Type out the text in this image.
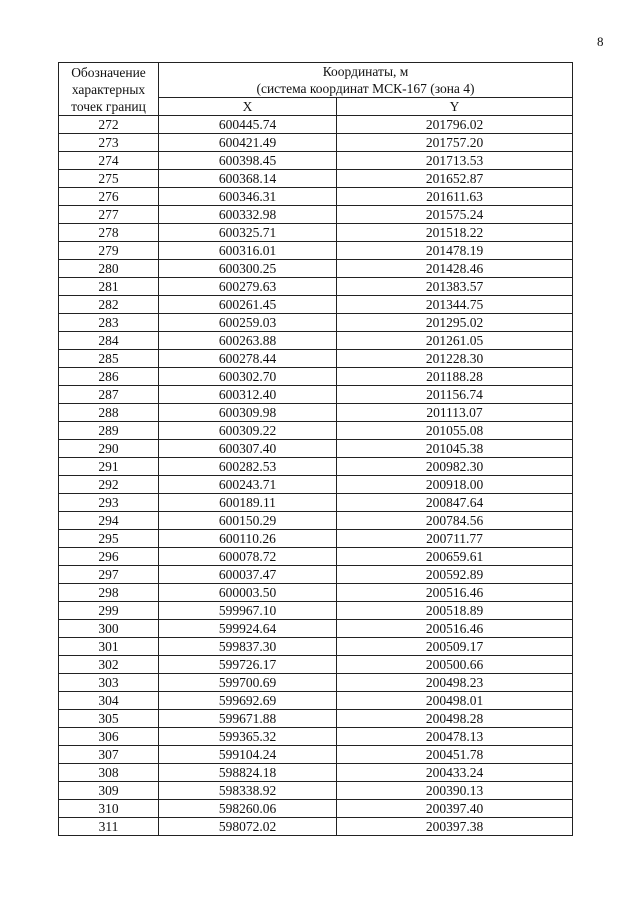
8
Обозначение
характерных
точек границ	Координаты, м
(система координат МСК-167 (зона 4)	

	X	Y
272	600445.74	201796.02
273	600421.49	201757.20
274	600398.45	201713.53
275	600368.14	201652.87
276	600346.31	201611.63
277	600332.98	201575.24
278	600325.71	201518.22
279	600316.01	201478.19
280	600300.25	201428.46
281	600279.63	201383.57
282	600261.45	201344.75
283	600259.03	201295.02
284	600263.88	201261.05
285	600278.44	201228.30
286	600302.70	201188.28
287	600312.40	201156.74
288	600309.98	201113.07
289	600309.22	201055.08
290	600307.40	201045.38
291	600282.53	200982.30
292	600243.71	200918.00
293	600189.11	200847.64
294	600150.29	200784.56
295	600110.26	200711.77
296	600078.72	200659.61
297	600037.47	200592.89
298	600003.50	200516.46
299	599967.10	200518.89
300	599924.64	200516.46
301	599837.30	200509.17
302	599726.17	200500.66
303	599700.69	200498.23
304	599692.69	200498.01
305	599671.88	200498.28
306	599365.32	200478.13
307	599104.24	200451.78
308	598824.18	200433.24
309	598338.92	200390.13
310	598260.06	200397.40
311	598072.02	200397.38
